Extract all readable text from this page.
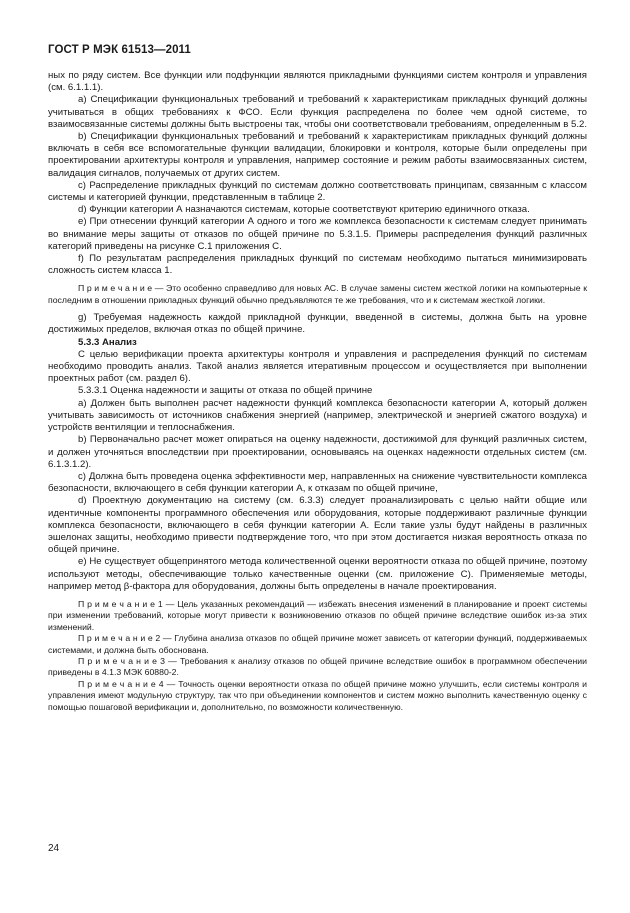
ГОСТ Р МЭК 61513—2011

ных по ряду систем. Все функции или подфункции являются прикладными функциями систем контроля и управления (см. 6.1.1.1).

a) Спецификации функциональных требований и требований к характеристикам прикладных функций должны учитываться в общих требованиях к ФСО. Если функция распределена по более чем одной системе, то взаимосвязанные системы должны быть выстроены так, чтобы они соответствовали требованиям, определенным в 5.2.

b) Спецификации функциональных требований и требований к характеристикам прикладных функций должны включать в себя все вспомогательные функции валидации, блокировки и контроля, которые были определены при проектировании архитектуры контроля и управления, например состояние и режим работы взаимосвязанных систем, валидация сигналов, получаемых от других систем.

c) Распределение прикладных функций по системам должно соответствовать принципам, связанным с классом системы и категорией функции, представленным в таблице 2.

d) Функции категории А назначаются системам, которые соответствуют критерию единичного отказа.

e) При отнесении функций категории А одного и того же комплекса безопасности к системам следует принимать во внимание меры защиты от отказов по общей причине по 5.3.1.5. Примеры распределения функций различных категорий приведены на рисунке С.1 приложения С.

f) По результатам распределения прикладных функций по системам необходимо пытаться минимизировать сложность систем класса 1.

П р и м е ч а н и е — Это особенно справедливо для новых АС. В случае замены систем жесткой логики на компьютерные к последним в отношении прикладных функций обычно предъявляются те же требования, что и к системам жесткой логики.

g) Требуемая надежность каждой прикладной функции, введенной в системы, должна быть на уровне достижимых пределов, включая отказ по общей причине.

5.3.3 Анализ

С целью верификации проекта архитектуры контроля и управления и распределения функций по системам необходимо проводить анализ. Такой анализ является итеративным процессом и осуществляется при выполнении проектных работ (см. раздел 6).

5.3.3.1 Оценка надежности и защиты от отказа по общей причине

a) Должен быть выполнен расчет надежности функций комплекса безопасности категории А, который должен учитывать зависимость от источников снабжения энергией (например, электрической и энергией сжатого воздуха) и устройств вентиляции и теплоснабжения.

b) Первоначально расчет может опираться на оценку надежности, достижимой для функций различных систем, и должен уточняться впоследствии при проектировании, основываясь на оценках надежности отдельных систем (см. 6.1.3.1.2).

c) Должна быть проведена оценка эффективности мер, направленных на снижение чувствительности комплекса безопасности, включающего в себя функции категории А, к отказам по общей причине,

d) Проектную документацию на систему (см. 6.3.3) следует проанализировать с целью найти общие или идентичные компоненты программного обеспечения или оборудования, которые поддерживают различные функции комплекса безопасности, включающего в себя функции категории А. Если такие узлы будут найдены в различных эшелонах защиты, необходимо привести подтверждение того, что при этом достигается низкая вероятность отказа по общей причине.

e) Не существует общепринятого метода количественной оценки вероятности отказа по общей причине, поэтому используют методы, обеспечивающие только качественные оценки (см. приложение С). Применяемые методы, например метод β-фактора для оборудования, должны быть определены в начале проектирования.

П р и м е ч а н и е 1 — Цель указанных рекомендаций — избежать внесения изменений в планирование и проект системы при изменении требований, которые могут привести к возникновению отказов по общей причине вследствие ошибок из-за этих изменений.

П р и м е ч а н и е 2 — Глубина анализа отказов по общей причине может зависеть от категории функций, поддерживаемых системами, и должна быть обоснована.

П р и м е ч а н и е 3 — Требования к анализу отказов по общей причине вследствие ошибок в программном обеспечении приведены в 4.1.3 МЭК 60880-2.

П р и м е ч а н и е 4 — Точность оценки вероятности отказа по общей причине можно улучшить, если системы контроля и управления имеют модульную структуру, так что при объединении компонентов и систем можно выполнить качественную оценку с помощью пошаговой верификации и, дополнительно, по возможности количественную.

24
